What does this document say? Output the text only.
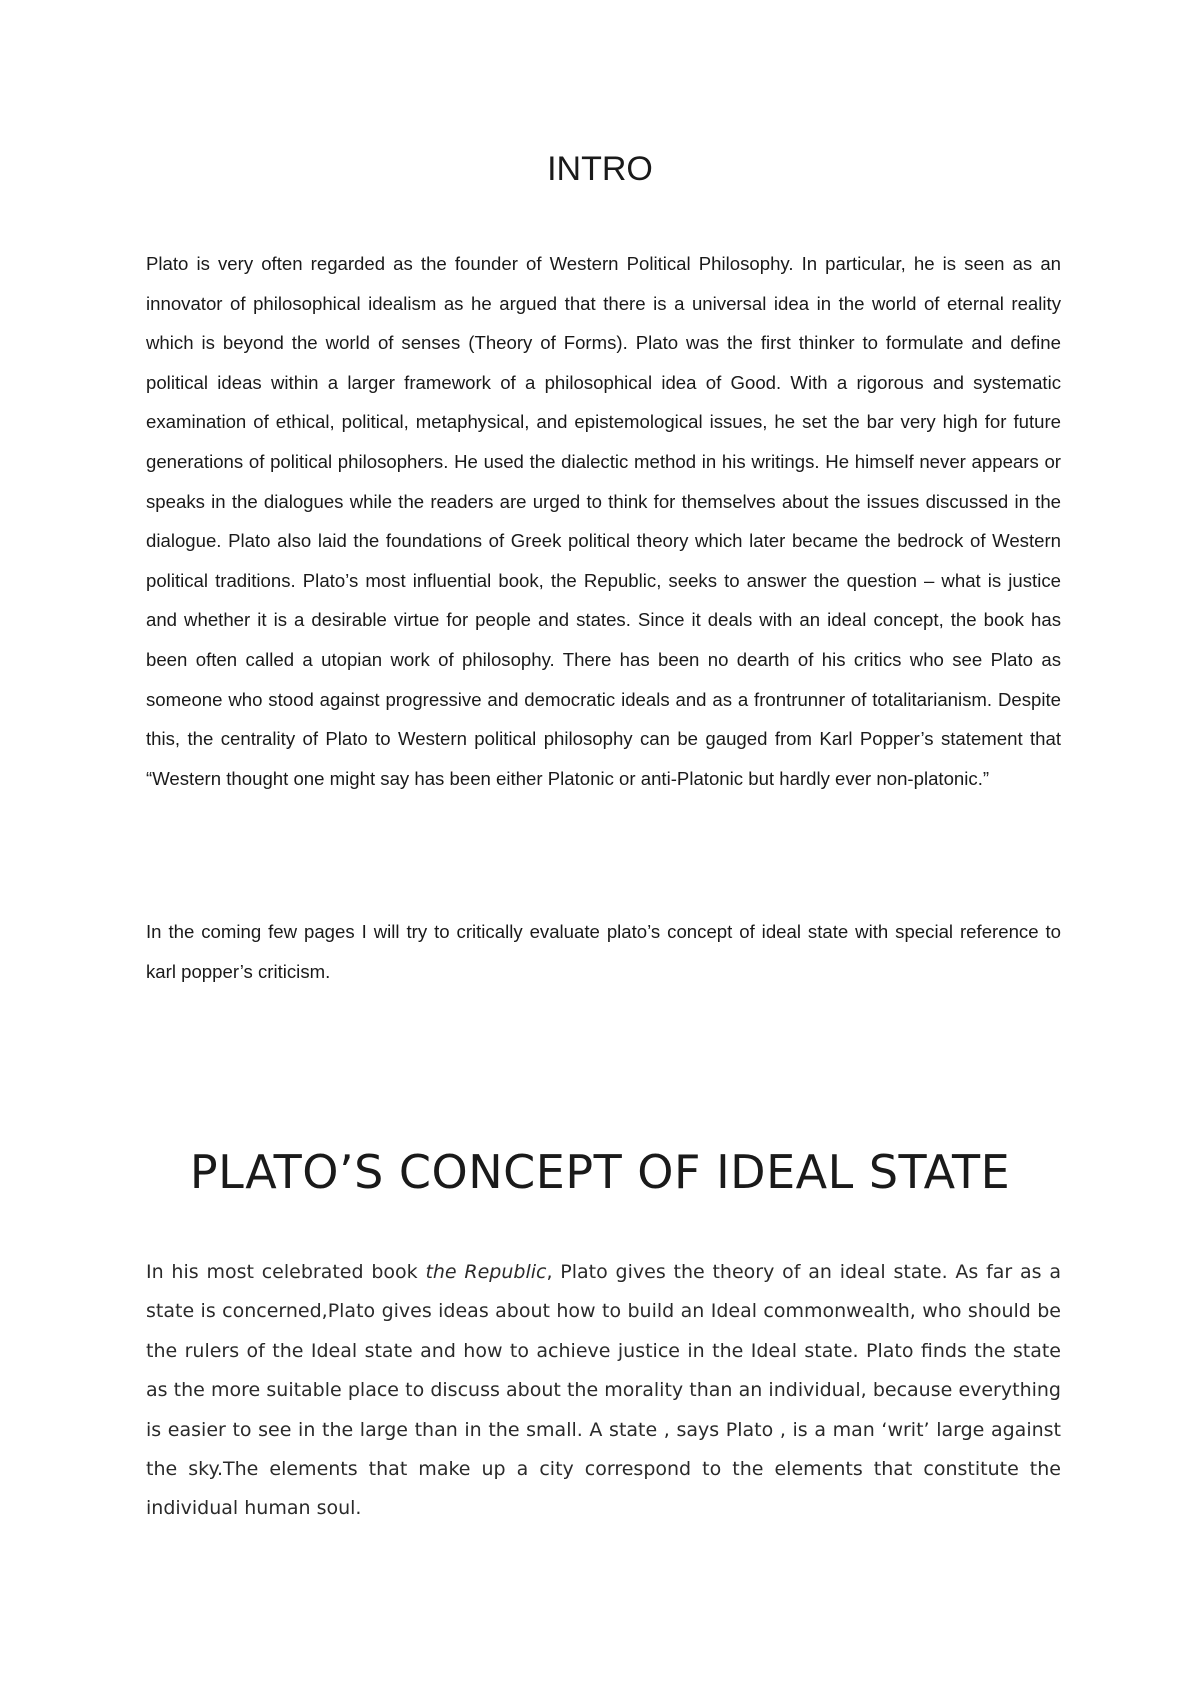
INTRO

Plato is very often regarded as the founder of Western Political Philosophy. In particular, he is seen as an innovator of philosophical idealism as he argued that there is a universal idea in the world of eternal reality which is beyond the world of senses (Theory of Forms). Plato was the first thinker to formulate and define political ideas within a larger framework of a philosophical idea of Good. With a rigorous and systematic examination of ethical, political, metaphysical, and epistemological issues, he set the bar very high for future generations of political philosophers. He used the dialectic method in his writings. He himself never appears or speaks in the dialogues while the readers are urged to think for themselves about the issues discussed in the dialogue. Plato also laid the foundations of Greek political theory which later became the bedrock of Western political traditions. Plato’s most influential book, the Republic, seeks to answer the question – what is justice and whether it is a desirable virtue for people and states. Since it deals with an ideal concept, the book has been often called a utopian work of philosophy. There has been no dearth of his critics who see Plato as someone who stood against progressive and democratic ideals and as a frontrunner of totalitarianism. Despite this, the centrality of Plato to Western political philosophy can be gauged from Karl Popper’s statement that “Western thought one might say has been either Platonic or anti-Platonic but hardly ever non-platonic.”

In the coming few pages I will try to critically evaluate plato’s concept of ideal state with special reference to karl popper’s criticism.

PLATO’S CONCEPT OF IDEAL STATE

In his most celebrated book the Republic, Plato gives the theory of an ideal state. As far as a state is concerned,Plato gives ideas about how to build an Ideal commonwealth, who should be the rulers of the Ideal state and how to achieve justice in the Ideal state. Plato finds the state as the more suitable place to discuss about the morality than an individual, because everything is easier to see in the large than in the small. A state , says Plato , is a man ‘writ’ large against the sky.The elements that make up a city correspond to the elements that constitute the individual human soul.
